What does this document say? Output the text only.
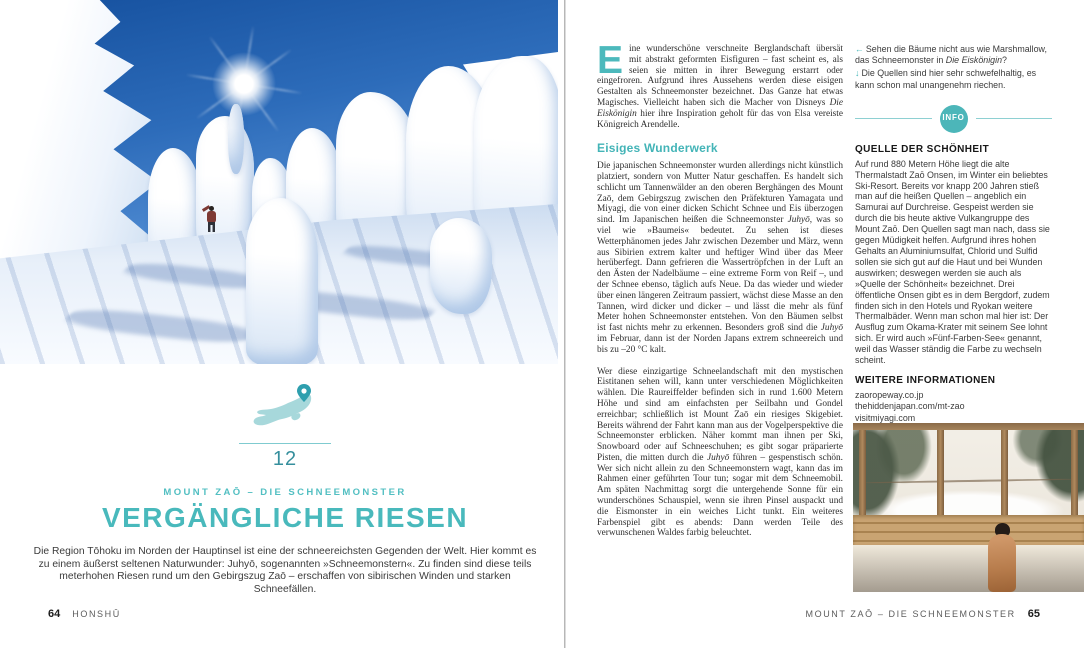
12
MOUNT ZAŌ – DIE SCHNEEMONSTER
VERGÄNGLICHE RIESEN

Die Region Tōhoku im Norden der Hauptinsel ist eine der schneereichsten Gegenden der Welt. Hier kommt es zu einem äußerst seltenen Naturwunder: Juhyō, sogenannten »Schneemonstern«. Zu finden sind diese teils meterhohen Riesen rund um den Gebirgszug Zaō – erschaffen von sibirischen Winden und starken Schneefällen.

64 HONSHŪ

Eine wunderschöne verschneite Berglandschaft übersät mit abstrakt geformten Eisfiguren – fast scheint es, als seien sie mitten in ihrer Bewegung erstarrt oder eingefroren. Aufgrund ihres Aussehens werden diese eisigen Gestalten als Schneemonster bezeichnet. Das Ganze hat etwas Magisches. Vielleicht haben sich die Macher von Disneys Die Eiskönigin hier ihre Inspiration geholt für das von Elsa vereiste Königreich Arendelle.

Eisiges Wunderwerk

Die japanischen Schneemonster wurden allerdings nicht künstlich platziert, sondern von Mutter Natur geschaffen. Es handelt sich schlicht um Tannenwälder an den oberen Berghängen des Mount Zaō, dem Gebirgszug zwischen den Präfekturen Yamagata und Miyagi, die von einer dicken Schicht Schnee und Eis überzogen sind. Im Japanischen heißen die Schneemonster Juhyō, was so viel wie »Baumeis« bedeutet. Zu sehen ist dieses Wetterphänomen jedes Jahr zwischen Dezember und März, wenn aus Sibirien extrem kalter und heftiger Wind über das Meer herüberfegt. Dann gefrieren die Wassertröpfchen in der Luft an den Ästen der Nadelbäume – eine extreme Form von Reif –, und der Schnee ebenso, täglich aufs Neue. Da das wieder und wieder über einen längeren Zeitraum passiert, wächst diese Masse an den Tannen, wird dicker und dicker – und lässt die mehr als fünf Meter hohen Schneemonster entstehen. Von den Bäumen selbst ist fast nichts mehr zu erkennen. Besonders groß sind die Juhyō im Februar, dann ist der Norden Japans extrem schneereich und bis zu –20 °C kalt.

Wer diese einzigartige Schneelandschaft mit den mystischen Eistitanen sehen will, kann unter verschiedenen Möglichkeiten wählen. Die Raureiffelder befinden sich in rund 1.600 Metern Höhe und sind am einfachsten per Seilbahn und Gondel erreichbar; schließlich ist Mount Zaō ein riesiges Skigebiet. Bereits während der Fahrt kann man aus der Vogelperspektive die Schneemonster erblicken. Näher kommt man ihnen per Ski, Snowboard oder auf Schneeschuhen; es gibt sogar präparierte Pisten, die mitten durch die Juhyō führen – gespenstisch schön. Wer sich nicht allein zu den Schneemonstern wagt, kann das im Rahmen einer geführten Tour tun; sogar mit dem Schneemobil. Am späten Nachmittag sorgt die untergehende Sonne für ein wunderschönes Schauspiel, wenn sie ihren Pinsel auspackt und die Eismonster in ein weiches Licht tunkt. Ein weiteres Farbenspiel gibt es abends: Dann werden Teile des verwunschenen Waldes farbig beleuchtet.

← Sehen die Bäume nicht aus wie Marshmallow, das Schneemonster in Die Eiskönigin?
↓ Die Quellen sind hier sehr schwefelhaltig, es kann schon mal unangenehm riechen.
INFO
QUELLE DER SCHÖNHEIT
Auf rund 880 Metern Höhe liegt die alte Thermalstadt Zaō Onsen, im Winter ein beliebtes Ski-Resort. Bereits vor knapp 200 Jahren stieß man auf die heißen Quellen – angeblich ein Samurai auf Durchreise. Gespeist werden sie durch die bis heute aktive Vulkangruppe des Mount Zaō. Den Quellen sagt man nach, dass sie gegen Müdigkeit helfen. Aufgrund ihres hohen Gehalts an Aluminiumsulfat, Chlorid und Sulfid sollen sie sich gut auf die Haut und bei Wunden auswirken; deswegen werden sie auch als »Quelle der Schönheit« bezeichnet. Drei öffentliche Onsen gibt es in dem Bergdorf, zudem finden sich in den Hotels und Ryokan weitere Thermalbäder. Wenn man schon mal hier ist: Der Ausflug zum Okama-Krater mit seinem See lohnt sich. Er wird auch »Fünf-Farben-See« genannt, weil das Wasser ständig die Farbe zu wechseln scheint.
WEITERE INFORMATIONEN
zaoropeway.co.jp
thehiddenjapan.com/mt-zao
visitmiyagi.com
MOUNT ZAŌ – DIE SCHNEEMONSTER 65
